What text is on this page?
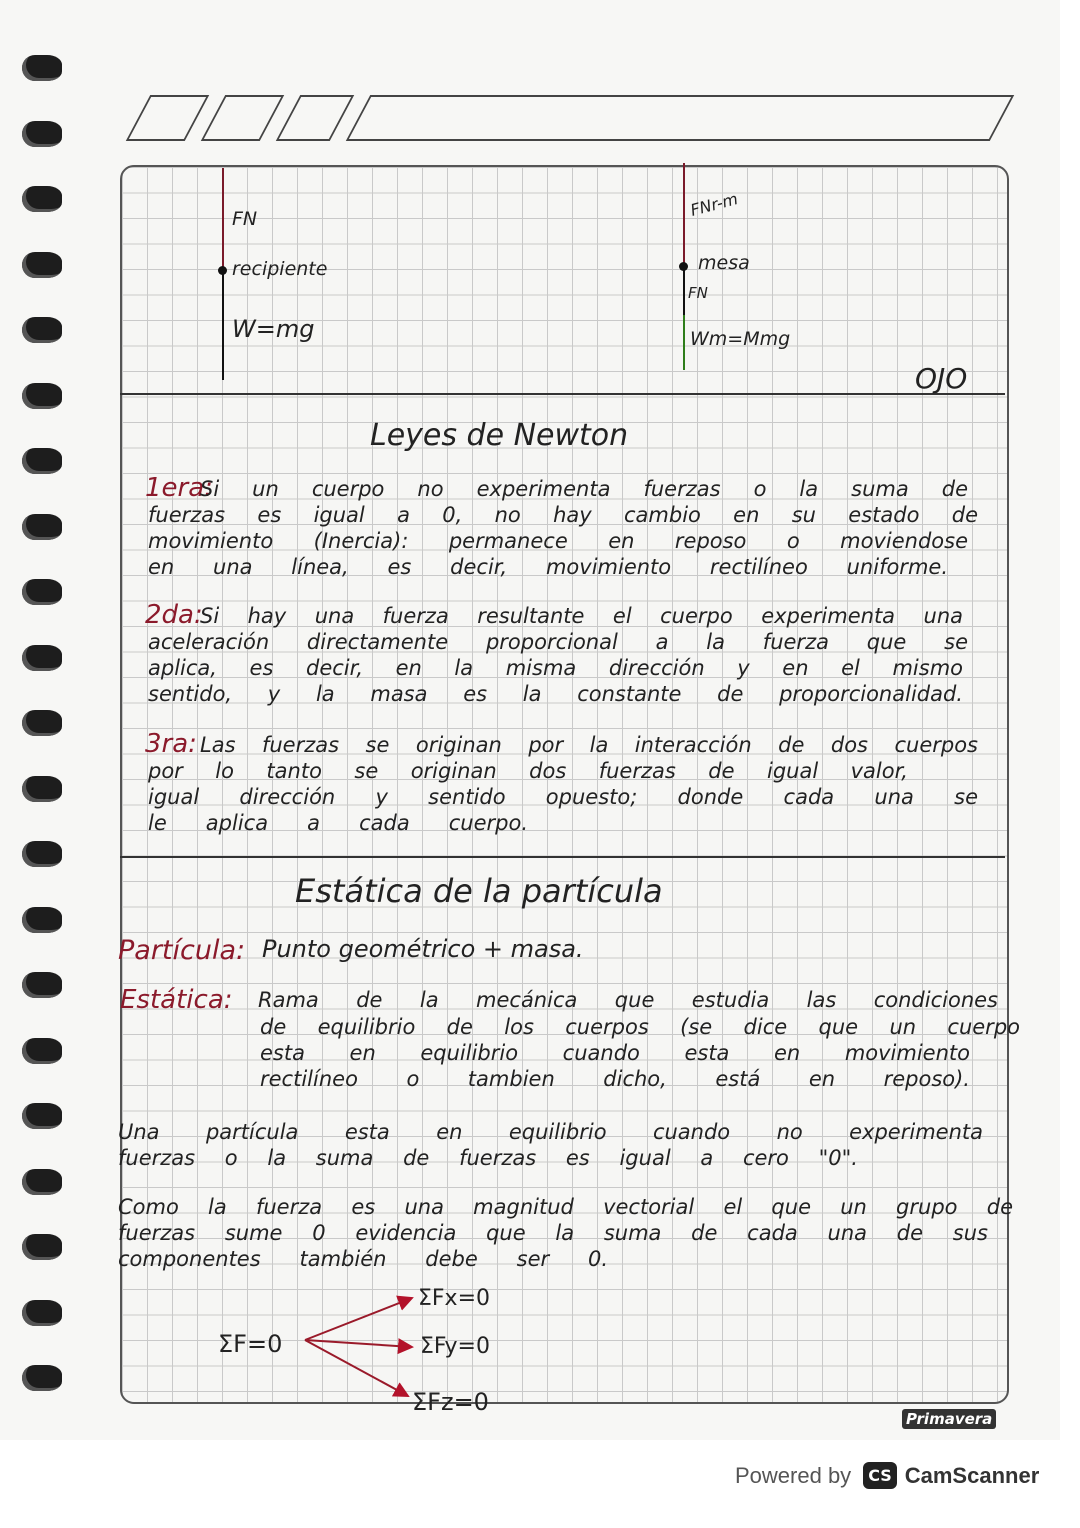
FN
recipiente
W=mg
FNr-m
mesa
FN
Wm=Mmg
OJO
Leyes de Newton
1era:
Si un cuerpo no experimenta fuerzas o la suma de
fuerzas es igual a 0, no hay cambio en su estado de
movimiento (Inercia): permanece en reposo o moviendose
en una línea, es decir, movimiento rectilíneo uniforme.
2da:
Si hay una fuerza resultante el cuerpo experimenta una
aceleración directamente proporcional a la fuerza que se
aplica, es decir, en la misma dirección y en el mismo
sentido, y la masa es la constante de proporcionalidad.
3ra: Las fuerzas se originan por la interacción de dos cuerpos
por lo tanto se originan dos fuerzas de igual valor,
igual dirección y sentido opuesto; donde cada una se
le aplica a cada cuerpo.
Estática de la partícula
Partícula: Punto geométrico + masa.
Estática: Rama de la mecánica que estudia las condiciones
de equilibrio de los cuerpos (se dice que un cuerpo
esta en equilibrio cuando esta en movimiento
rectilíneo o tambien dicho, está en reposo).
Una partícula esta en equilibrio cuando no experimenta
fuerzas o la suma de fuerzas es igual a cero "0".
Como la fuerza es una magnitud vectorial el que un grupo de
fuerzas sume 0 evidencia que la suma de cada una de sus
componentes también debe ser 0.
ΣF=0
ΣFx=0
ΣFy=0
ΣFz=0
Primavera
Powered by	CS CamScanner
